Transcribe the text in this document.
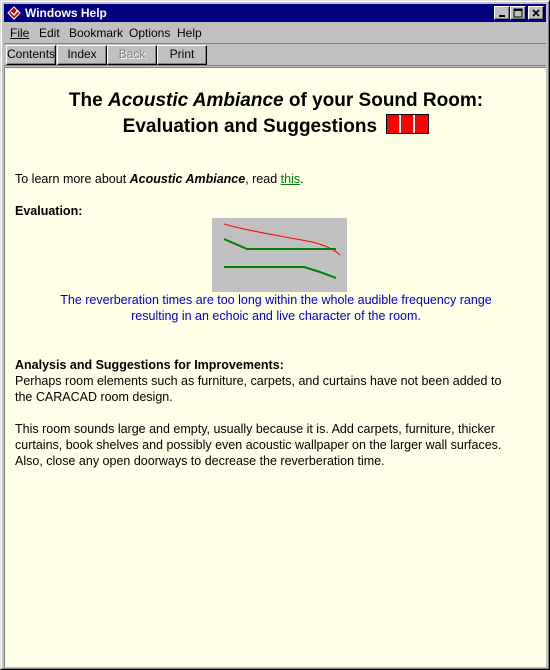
Windows Help
File Edit Bookmark Options Help
Contents	Index	Back	Print
The Acoustic Ambiance of your Sound Room:
Evaluation and Suggestions
To learn more about Acoustic Ambiance, read this.
Evaluation:
The reverberation times are too long within the whole audible frequency range
resulting in an echoic and live character of the room.
Analysis and Suggestions for Improvements:
Perhaps room elements such as furniture, carpets, and curtains have not been added to
the CARACAD room design.
This room sounds large and empty, usually because it is. Add carpets, furniture, thicker
curtains, book shelves and possibly even acoustic wallpaper on the larger wall surfaces.
Also, close any open doorways to decrease the reverberation time.
